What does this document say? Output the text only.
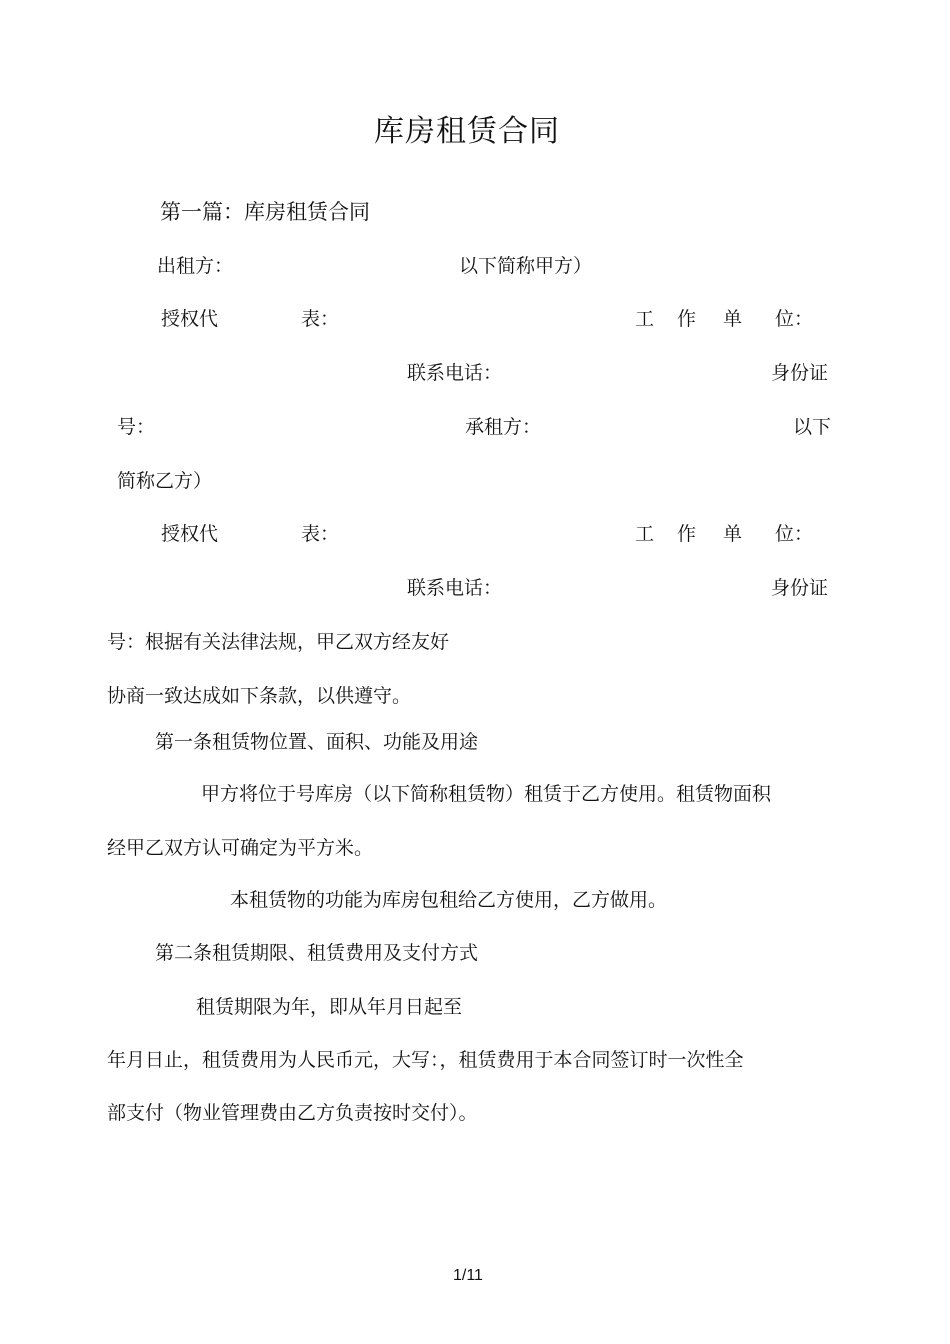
库房租赁合同
第一篇：库房租赁合同
出租方：	以下简称甲方）
授权代	表：	工 作 单 位：
联系电话：	身份证
号：	承租方：	以下
简称乙方）
授权代	表：	工 作 单 位：
联系电话：	身份证
号：根据有关法律法规，甲乙双方经友好
协商一致达成如下条款，以供遵守。
第一条租赁物位置、面积、功能及用途
甲方将位于号库房（以下简称租赁物）租赁于乙方使用。租赁物面积
经甲乙双方认可确定为平方米。
本租赁物的功能为库房包租给乙方使用，乙方做用。
第二条租赁期限、租赁费用及支付方式
租赁期限为年，即从年月日起至
年月日止，租赁费用为人民币元，大写：，租赁费用于本合同签订时一次性全
部支付（物业管理费由乙方负责按时交付）。
1/11
